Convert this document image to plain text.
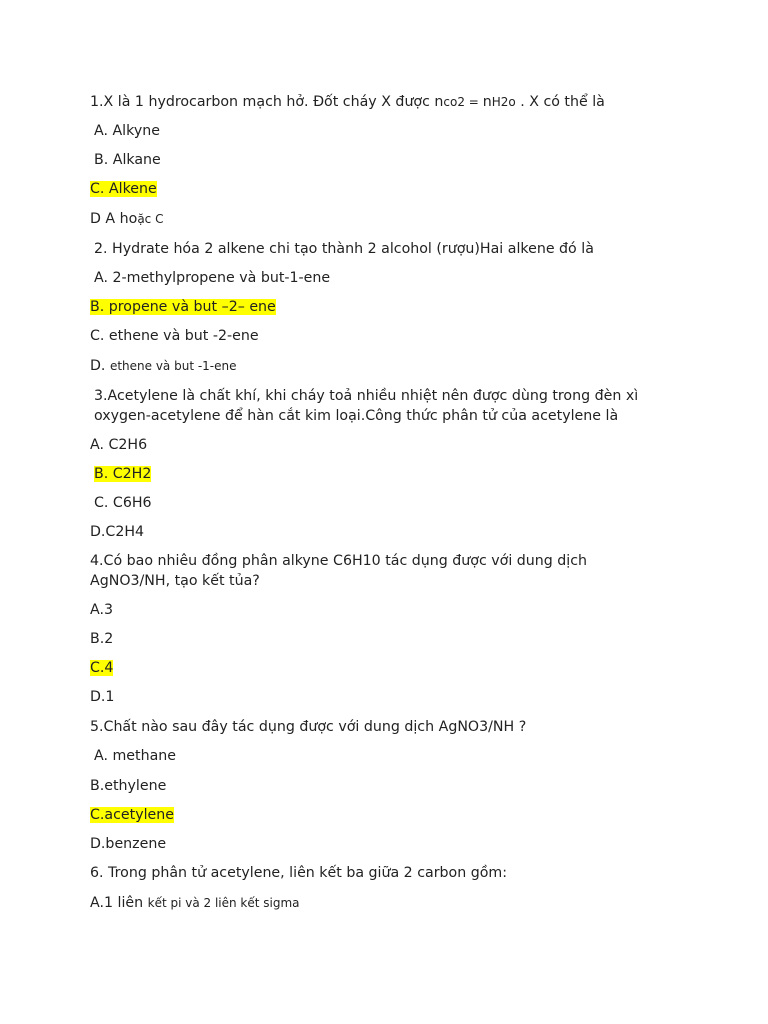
1.X là 1 hydrocarbon mạch hở. Đốt cháy X được nco2 = nH2o . X có thể là
A. Alkyne
B. Alkane
C. Alkene
D A hoặc C
2. Hydrate hóa 2 alkene chi tạo thành 2 alcohol (rượu)Hai alkene đó là
A. 2-methylpropene và but-1-ene
B. propene và but –2– ene
C. ethene và but -2-ene
D. ethene và but -1-ene
3.Acetylene là chất khí, khi cháy toả nhiều nhiệt nên được dùng trong đèn xì oxygen-acetylene để hàn cắt kim loại.Công thức phân tử của acetylene là
A. C2H6
B. C2H2
C. C6H6
D.C2H4
4.Có bao nhiêu đồng phân alkyne C6H10 tác dụng được với dung dịch AgNO3/NH, tạo kết tủa?
A.3
B.2
C.4
D.1
5.Chất nào sau đây tác dụng được với dung dịch AgNO3/NH ?
A. methane
B.ethylene
C.acetylene
D.benzene
6. Trong phân tử acetylene, liên kết ba giữa 2 carbon gồm:
A.1 liên kết pi và 2 liên kết sigma
